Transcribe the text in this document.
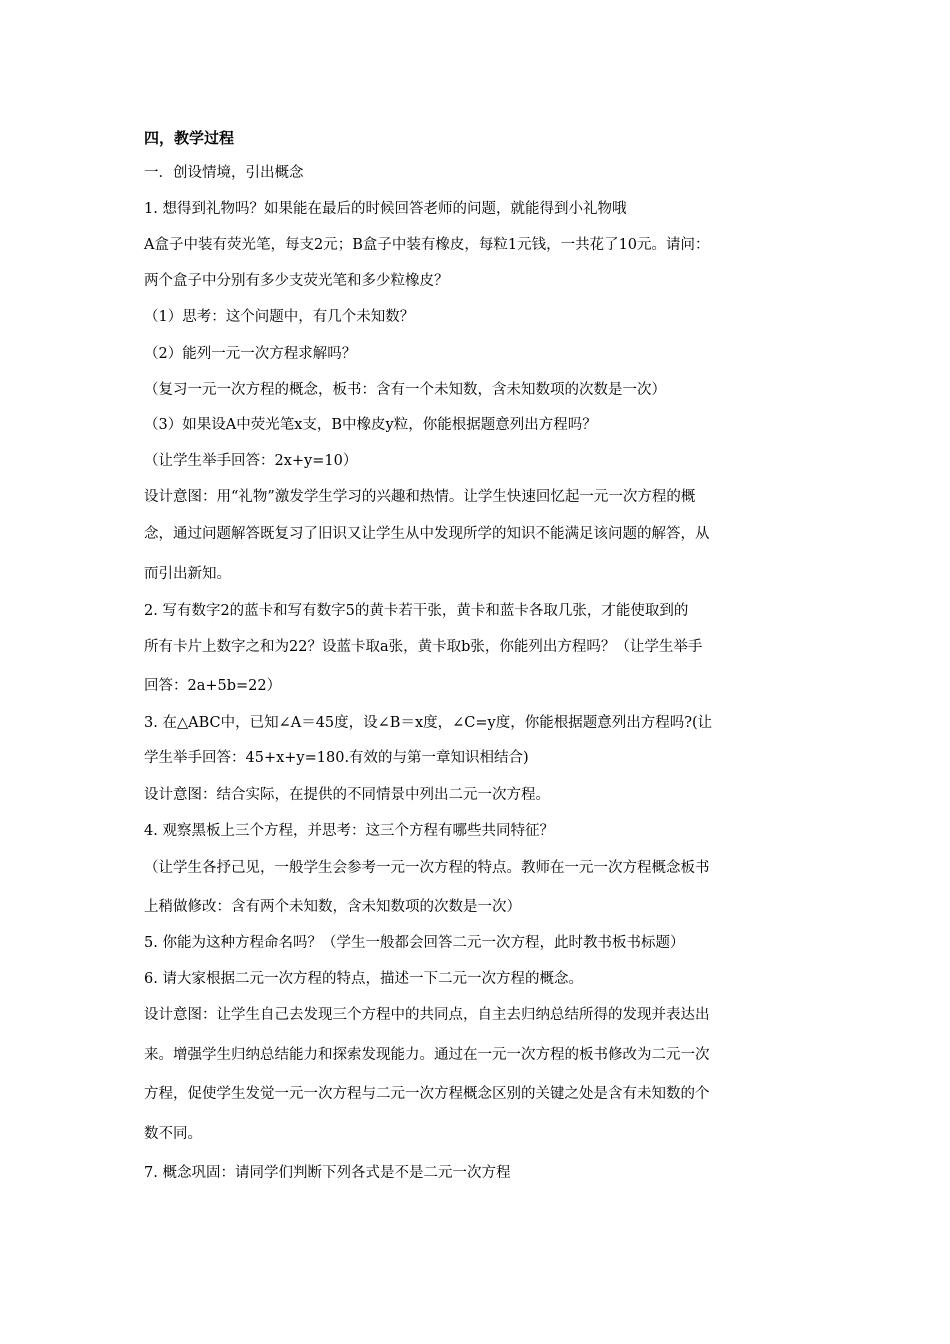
四，教学过程
一．创设情境，引出概念
1. 想得到礼物吗？如果能在最后的时候回答老师的问题，就能得到小礼物哦
A盒子中装有荧光笔，每支2元；B盒子中装有橡皮，每粒1元钱，一共花了10元。请问：
两个盒子中分别有多少支荧光笔和多少粒橡皮？
（1）思考：这个问题中，有几个未知数？
（2）能列一元一次方程求解吗？
（复习一元一次方程的概念，板书：含有一个未知数，含未知数项的次数是一次）
（3）如果设A中荧光笔x支，B中橡皮y粒，你能根据题意列出方程吗？
（让学生举手回答：2x+y=10）
设计意图：用“礼物”激发学生学习的兴趣和热情。让学生快速回忆起一元一次方程的概
念，通过问题解答既复习了旧识又让学生从中发现所学的知识不能满足该问题的解答，从
而引出新知。
2. 写有数字2的蓝卡和写有数字5的黄卡若干张，黄卡和蓝卡各取几张，才能使取到的
所有卡片上数字之和为22？设蓝卡取a张，黄卡取b张，你能列出方程吗？（让学生举手
回答：2a+5b=22）
3. 在△ABC中，已知∠A＝45度，设∠B＝x度，∠C=y度，你能根据题意列出方程吗?(让
学生举手回答：45+x+y=180.有效的与第一章知识相结合)
设计意图：结合实际，在提供的不同情景中列出二元一次方程。
4. 观察黑板上三个方程，并思考：这三个方程有哪些共同特征？
（让学生各抒己见，一般学生会参考一元一次方程的特点。教师在一元一次方程概念板书
上稍做修改：含有两个未知数，含未知数项的次数是一次）
5. 你能为这种方程命名吗？（学生一般都会回答二元一次方程，此时教书板书标题）
6. 请大家根据二元一次方程的特点，描述一下二元一次方程的概念。
设计意图：让学生自己去发现三个方程中的共同点，自主去归纳总结所得的发现并表达出
来。增强学生归纳总结能力和探索发现能力。通过在一元一次方程的板书修改为二元一次
方程，促使学生发觉一元一次方程与二元一次方程概念区别的关键之处是含有未知数的个
数不同。
7. 概念巩固：请同学们判断下列各式是不是二元一次方程
